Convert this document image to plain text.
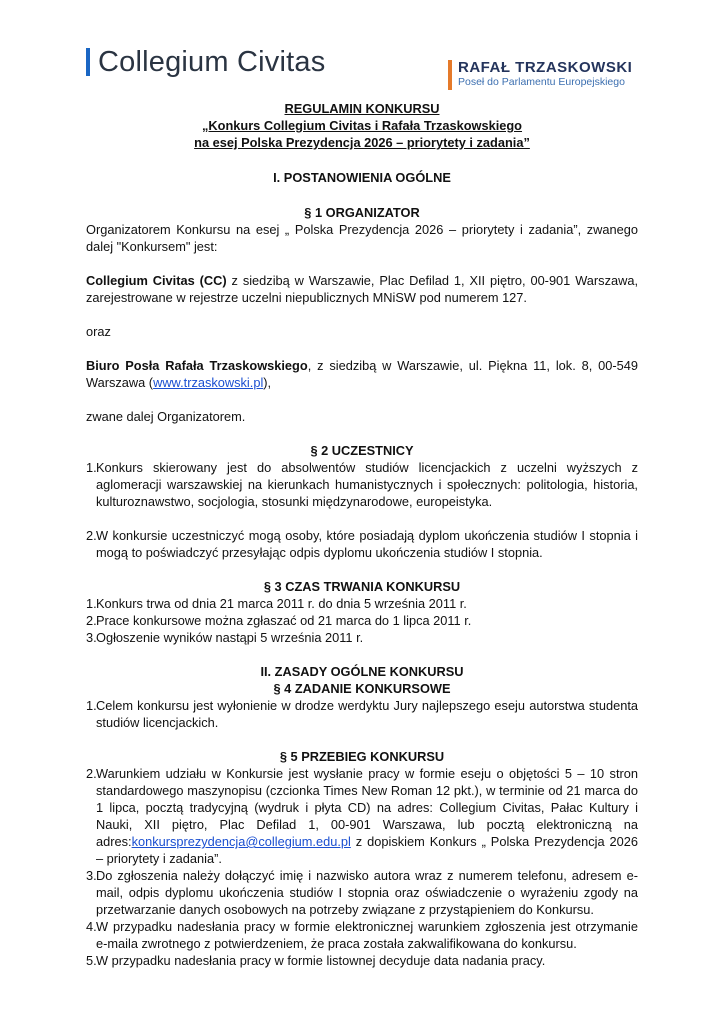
Collegium Civitas	RAFAŁ TRZASKOWSKI
Poseł do Parlamentu Europejskiego

REGULAMIN KONKURSU

„Konkurs Collegium Civitas i Rafała Trzaskowskiego

na esej Polska Prezydencja 2026 – priorytety i zadania”

I. POSTANOWIENIA OGÓLNE

§ 1 ORGANIZATOR

Organizatorem Konkursu na esej „ Polska Prezydencja 2026 – priorytety i zadania”, zwanego dalej "Konkursem" jest:

Collegium Civitas (CC) z siedzibą w Warszawie, Plac Defilad 1, XII piętro, 00-901 Warszawa, zarejestrowane w rejestrze uczelni niepublicznych MNiSW pod numerem 127.

oraz

Biuro Posła Rafała Trzaskowskiego, z siedzibą w Warszawie, ul. Piękna 11, lok. 8, 00-549 Warszawa (www.trzaskowski.pl),

zwane dalej Organizatorem.

§ 2 UCZESTNICY

1. Konkurs skierowany jest do absolwentów studiów licencjackich z uczelni wyższych z aglomeracji warszawskiej na kierunkach humanistycznych i społecznych: politologia, historia, kulturoznawstwo, socjologia, stosunki międzynarodowe, europeistyka.
2. W konkursie uczestniczyć mogą osoby, które posiadają dyplom ukończenia studiów I stopnia i mogą to poświadczyć przesyłając odpis dyplomu ukończenia studiów I stopnia.

§ 3 CZAS TRWANIA KONKURSU

1. Konkurs trwa od dnia 21 marca 2011 r. do dnia 5 września 2011 r.
2. Prace konkursowe można zgłaszać od 21 marca do 1 lipca 2011 r.
3. Ogłoszenie wyników nastąpi 5 września 2011 r.

II. ZASADY OGÓLNE KONKURSU

§ 4 ZADANIE KONKURSOWE

1. Celem konkursu jest wyłonienie w drodze werdyktu Jury najlepszego eseju autorstwa studenta studiów licencjackich.

§ 5 PRZEBIEG KONKURSU

2. Warunkiem udziału w Konkursie jest wysłanie pracy w formie eseju o objętości 5 – 10 stron standardowego maszynopisu (czcionka Times New Roman 12 pkt.), w terminie od 21 marca do 1 lipca, pocztą tradycyjną (wydruk i płyta CD) na adres: Collegium Civitas, Pałac Kultury i Nauki, XII piętro, Plac Defilad 1, 00-901 Warszawa, lub pocztą elektroniczną na adres:konkursprezydencja@collegium.edu.pl z dopiskiem Konkurs „ Polska Prezydencja 2026 – priorytety i zadania”.
3. Do zgłoszenia należy dołączyć imię i nazwisko autora wraz z numerem telefonu, adresem e-mail, odpis dyplomu ukończenia studiów I stopnia oraz oświadczenie o wyrażeniu zgody na przetwarzanie danych osobowych na potrzeby związane z przystąpieniem do Konkursu.
4. W przypadku nadesłania pracy w formie elektronicznej warunkiem zgłoszenia jest otrzymanie e-maila zwrotnego z potwierdzeniem, że praca została zakwalifikowana do konkursu.
5. W przypadku nadesłania pracy w formie listownej decyduje data nadania pracy.
